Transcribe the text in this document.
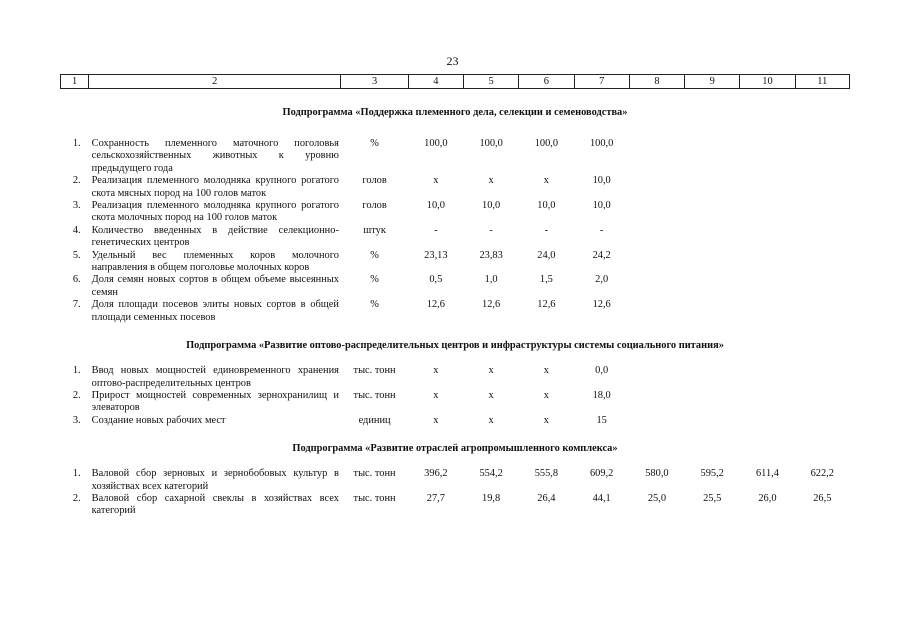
23
1	2	3	4	5	6	7	8	9	10	11
Подпрограмма «Поддержка племенного дела, селекции и семеноводства»										
1.	Сохранность племенного маточного поголовья сельскохозяйственных животных к уровню предыдущего года	%	100,0	100,0	100,0	100,0				
2.	Реализация племенного молодняка крупного рогатого скота мясных пород на 100 голов маток	голов	х	х	х	10,0				
3.	Реализация племенного молодняка крупного рогатого скота молочных пород на 100 голов маток	голов	10,0	10,0	10,0	10,0				
4.	Количество введенных в действие селекционно-генетических центров	штук	-	-	-	-				
5.	Удельный вес племенных коров молочного направления в общем поголовье молочных коров	%	23,13	23,83	24,0	24,2				
6.	Доля семян новых сортов в общем объеме высеянных семян	%	0,5	1,0	1,5	2,0				
7.	Доля площади посевов элиты новых сортов в общей площади семенных посевов	%	12,6	12,6	12,6	12,6				
Подпрограмма «Развитие оптово-распределительных центров и инфраструктуры системы социального питания»										
1.	Ввод новых мощностей единовременного хранения оптово-распределительных центров	тыс. тонн	х	х	х	0,0				
2.	Прирост мощностей современных зернохранилищ и элеваторов	тыс. тонн	х	х	х	18,0				
3.	Создание новых рабочих мест	единиц	х	х	х	15				
Подпрограмма «Развитие отраслей агропромышленного комплекса»										
1.	Валовой сбор зерновых и зернобобовых культур в хозяйствах всех категорий	тыс. тонн	396,2	554,2	555,8	609,2	580,0	595,2	611,4	622,2
2.	Валовой сбор сахарной свеклы в хозяйствах всех категорий	тыс. тонн	27,7	19,8	26,4	44,1	25,0	25,5	26,0	26,5
